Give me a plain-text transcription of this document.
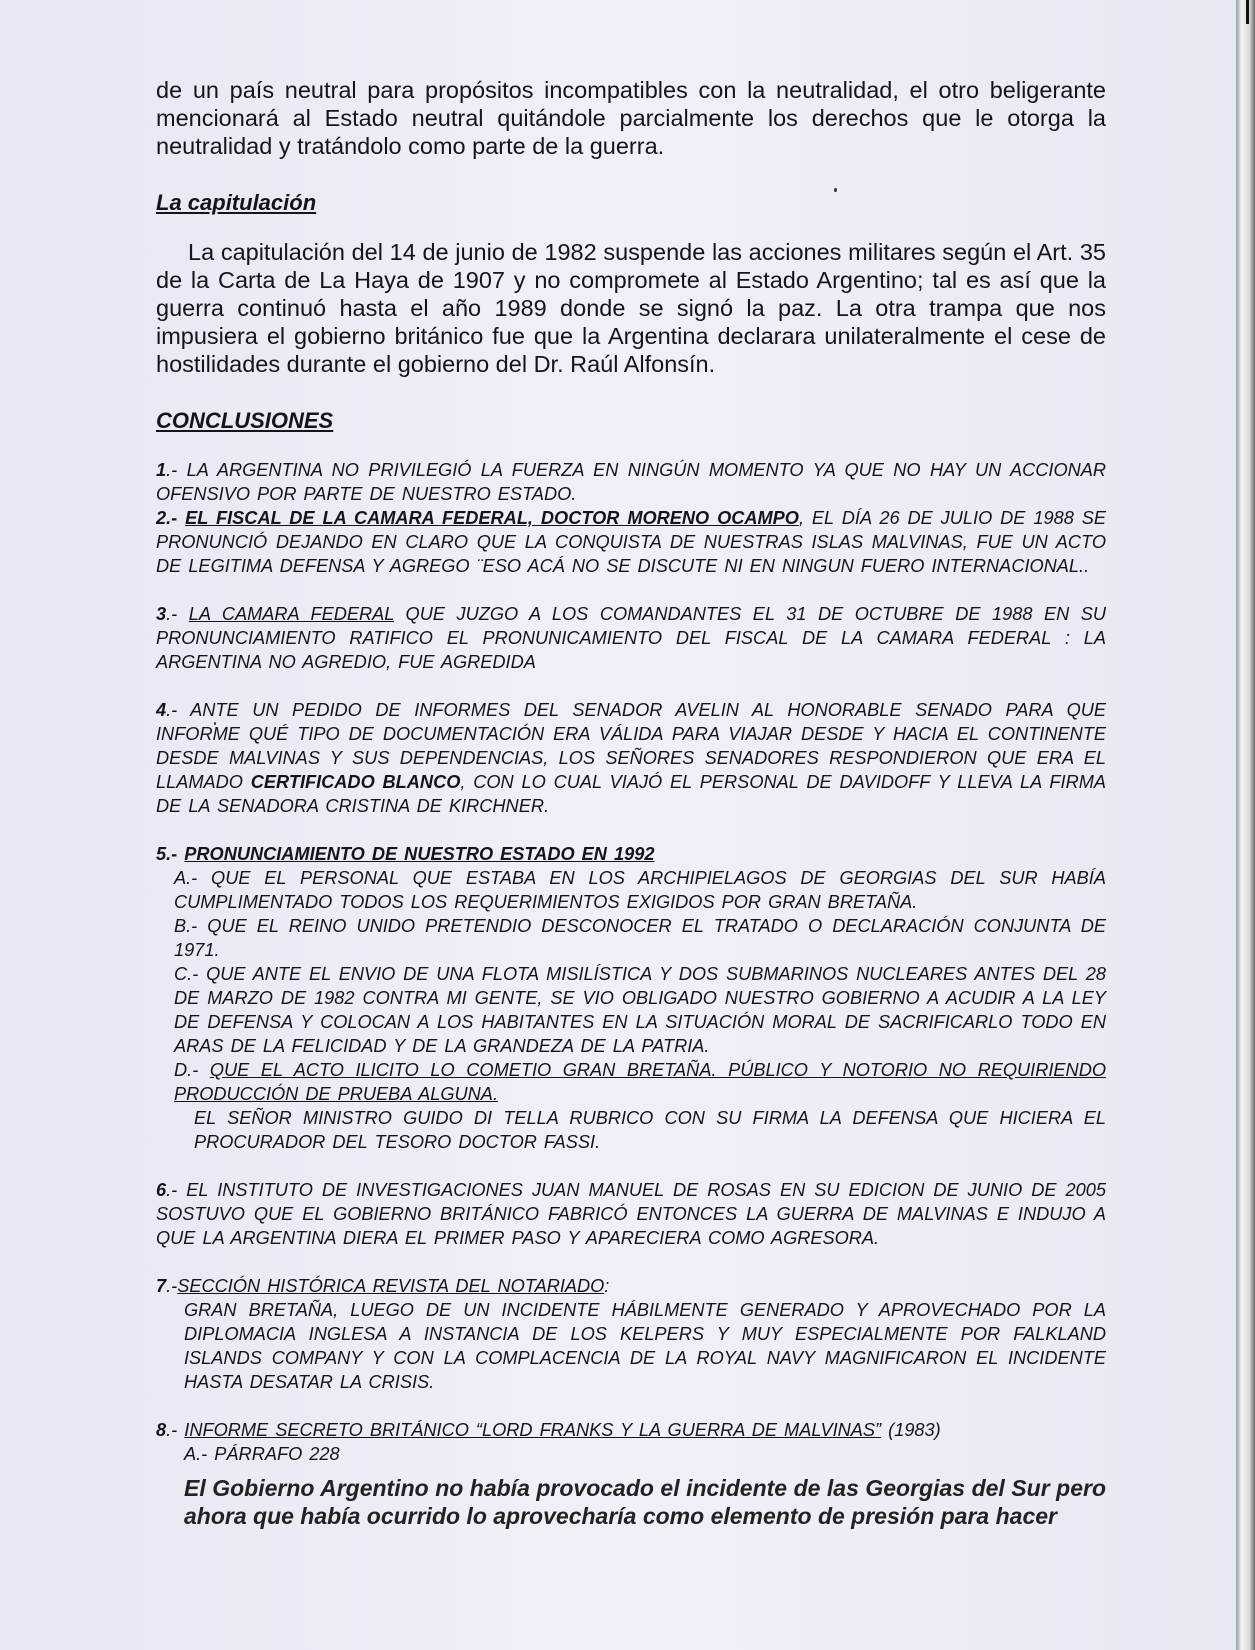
de un país neutral para propósitos incompatibles con la neutralidad, el otro beligerante mencionará al Estado neutral quitándole parcialmente los derechos que le otorga la neutralidad y tratándolo como parte de la guerra.

La capitulación

La capitulación del 14 de junio de 1982 suspende las acciones militares según el Art. 35 de la Carta de La Haya de 1907 y no compromete al Estado Argentino; tal es así que la guerra continuó hasta el año 1989 donde se signó la paz. La otra trampa que nos impusiera el gobierno británico fue que la Argentina declarara unilateralmente el cese de hostilidades durante el gobierno del Dr. Raúl Alfonsín.

CONCLUSIONES

1.- LA ARGENTINA NO PRIVILEGIÓ LA FUERZA EN NINGÚN MOMENTO YA QUE NO HAY UN ACCIONAR OFENSIVO POR PARTE DE NUESTRO ESTADO.

2.- EL FISCAL DE LA CAMARA FEDERAL, DOCTOR MORENO OCAMPO, EL DÍA 26 DE JULIO DE 1988 SE PRONUNCIÓ DEJANDO EN CLARO QUE LA CONQUISTA DE NUESTRAS ISLAS MALVINAS, FUE UN ACTO DE LEGITIMA DEFENSA Y AGREGO ¨ESO ACÁ NO SE DISCUTE NI EN NINGUN FUERO INTERNACIONAL..

3.- LA CAMARA FEDERAL QUE JUZGO A LOS COMANDANTES EL 31 DE OCTUBRE DE 1988 EN SU PRONUNCIAMIENTO RATIFICO EL PRONUNICAMIENTO DEL FISCAL DE LA CAMARA FEDERAL : LA ARGENTINA NO AGREDIO, FUE AGREDIDA

4.- ANTE UN PEDIDO DE INFORMES DEL SENADOR AVELIN AL HONORABLE SENADO PARA QUE INFORME QUÉ TIPO DE DOCUMENTACIÓN ERA VÁLIDA PARA VIAJAR DESDE Y HACIA EL CONTINENTE DESDE MALVINAS Y SUS DEPENDENCIAS, LOS SEÑORES SENADORES RESPONDIERON QUE ERA EL LLAMADO CERTIFICADO BLANCO, CON LO CUAL VIAJÓ EL PERSONAL DE DAVIDOFF Y LLEVA LA FIRMA DE LA SENADORA CRISTINA DE KIRCHNER.

5.- PRONUNCIAMIENTO DE NUESTRO ESTADO EN 1992

A.- QUE EL PERSONAL QUE ESTABA EN LOS ARCHIPIELAGOS DE GEORGIAS DEL SUR HABÍA CUMPLIMENTADO TODOS LOS REQUERIMIENTOS EXIGIDOS POR GRAN BRETAÑA.

B.- QUE EL REINO UNIDO PRETENDIO DESCONOCER EL TRATADO O DECLARACIÓN CONJUNTA DE 1971.

C.- QUE ANTE EL ENVIO DE UNA FLOTA MISILÍSTICA Y DOS SUBMARINOS NUCLEARES ANTES DEL 28 DE MARZO DE 1982 CONTRA MI GENTE, SE VIO OBLIGADO NUESTRO GOBIERNO A ACUDIR A LA LEY DE DEFENSA Y COLOCAN A LOS HABITANTES EN LA SITUACIÓN MORAL DE SACRIFICARLO TODO EN ARAS DE LA FELICIDAD Y DE LA GRANDEZA DE LA PATRIA.

D.- QUE EL ACTO ILICITO LO COMETIO GRAN BRETAÑA. PÚBLICO Y NOTORIO NO REQUIRIENDO PRODUCCIÓN DE PRUEBA ALGUNA.

EL SEÑOR MINISTRO GUIDO DI TELLA RUBRICO CON SU FIRMA LA DEFENSA QUE HICIERA EL PROCURADOR DEL TESORO DOCTOR FASSI.

6.- EL INSTITUTO DE INVESTIGACIONES JUAN MANUEL DE ROSAS EN SU EDICION DE JUNIO DE 2005 SOSTUVO QUE EL GOBIERNO BRITÁNICO FABRICÓ ENTONCES LA GUERRA DE MALVINAS E INDUJO A QUE LA ARGENTINA DIERA EL PRIMER PASO Y APARECIERA COMO AGRESORA.

7.-SECCIÓN HISTÓRICA REVISTA DEL NOTARIADO:

GRAN BRETAÑA, LUEGO DE UN INCIDENTE HÁBILMENTE GENERADO Y APROVECHADO POR LA DIPLOMACIA INGLESA A INSTANCIA DE LOS KELPERS Y MUY ESPECIALMENTE POR FALKLAND ISLANDS COMPANY Y CON LA COMPLACENCIA DE LA ROYAL NAVY MAGNIFICARON EL INCIDENTE HASTA DESATAR LA CRISIS.

8.- INFORME SECRETO BRITÁNICO “LORD FRANKS Y LA GUERRA DE MALVINAS” (1983)

A.- PÁRRAFO 228

El Gobierno Argentino no había provocado el incidente de las Georgias del Sur pero ahora que había ocurrido lo aprovecharía como elemento de presión para hacer
